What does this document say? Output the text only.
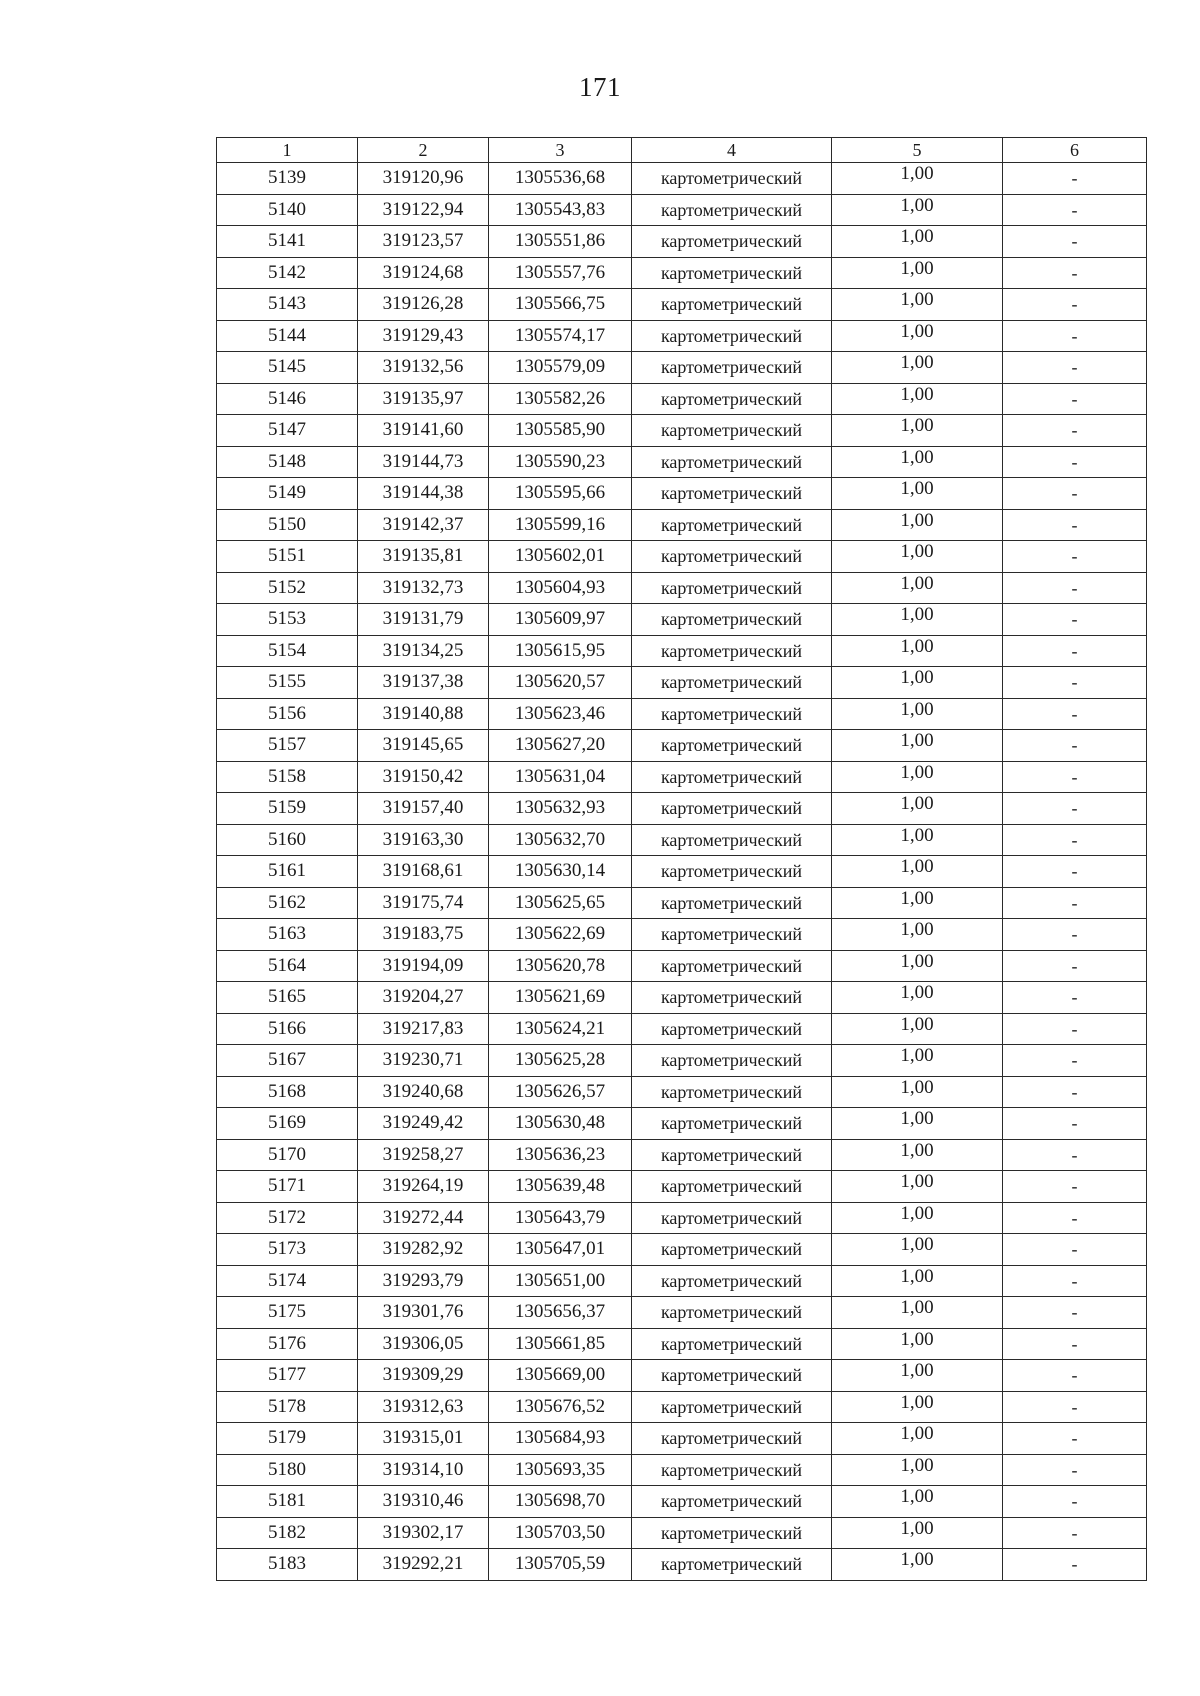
171
1	2	3	4	5	6
5139	319120,96	1305536,68	картометрический	1,00	-
5140	319122,94	1305543,83	картометрический	1,00	-
5141	319123,57	1305551,86	картометрический	1,00	-
5142	319124,68	1305557,76	картометрический	1,00	-
5143	319126,28	1305566,75	картометрический	1,00	-
5144	319129,43	1305574,17	картометрический	1,00	-
5145	319132,56	1305579,09	картометрический	1,00	-
5146	319135,97	1305582,26	картометрический	1,00	-
5147	319141,60	1305585,90	картометрический	1,00	-
5148	319144,73	1305590,23	картометрический	1,00	-
5149	319144,38	1305595,66	картометрический	1,00	-
5150	319142,37	1305599,16	картометрический	1,00	-
5151	319135,81	1305602,01	картометрический	1,00	-
5152	319132,73	1305604,93	картометрический	1,00	-
5153	319131,79	1305609,97	картометрический	1,00	-
5154	319134,25	1305615,95	картометрический	1,00	-
5155	319137,38	1305620,57	картометрический	1,00	-
5156	319140,88	1305623,46	картометрический	1,00	-
5157	319145,65	1305627,20	картометрический	1,00	-
5158	319150,42	1305631,04	картометрический	1,00	-
5159	319157,40	1305632,93	картометрический	1,00	-
5160	319163,30	1305632,70	картометрический	1,00	-
5161	319168,61	1305630,14	картометрический	1,00	-
5162	319175,74	1305625,65	картометрический	1,00	-
5163	319183,75	1305622,69	картометрический	1,00	-
5164	319194,09	1305620,78	картометрический	1,00	-
5165	319204,27	1305621,69	картометрический	1,00	-
5166	319217,83	1305624,21	картометрический	1,00	-
5167	319230,71	1305625,28	картометрический	1,00	-
5168	319240,68	1305626,57	картометрический	1,00	-
5169	319249,42	1305630,48	картометрический	1,00	-
5170	319258,27	1305636,23	картометрический	1,00	-
5171	319264,19	1305639,48	картометрический	1,00	-
5172	319272,44	1305643,79	картометрический	1,00	-
5173	319282,92	1305647,01	картометрический	1,00	-
5174	319293,79	1305651,00	картометрический	1,00	-
5175	319301,76	1305656,37	картометрический	1,00	-
5176	319306,05	1305661,85	картометрический	1,00	-
5177	319309,29	1305669,00	картометрический	1,00	-
5178	319312,63	1305676,52	картометрический	1,00	-
5179	319315,01	1305684,93	картометрический	1,00	-
5180	319314,10	1305693,35	картометрический	1,00	-
5181	319310,46	1305698,70	картометрический	1,00	-
5182	319302,17	1305703,50	картометрический	1,00	-
5183	319292,21	1305705,59	картометрический	1,00	-
